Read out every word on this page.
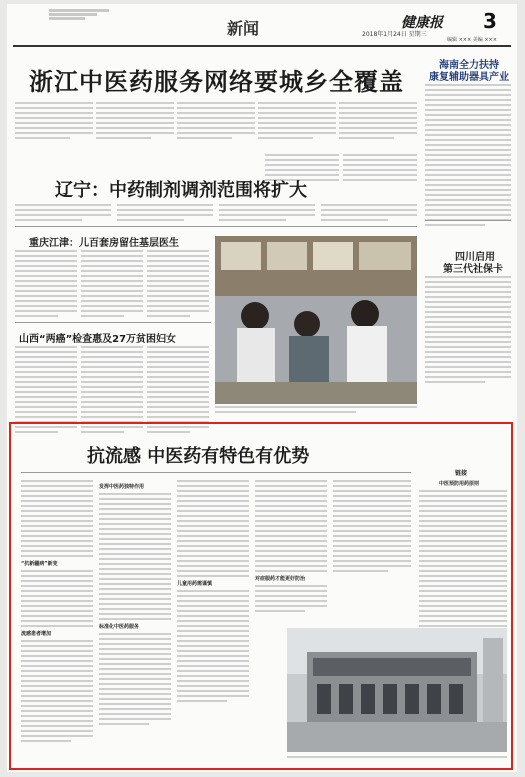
新闻	健康报 3
2018年1月24日 星期三
编辑 ××× 美编 ×××
浙江中医药服务网络要城乡全覆盖
海南全力扶持
康复辅助器具产业
四川启用
第三代社保卡
辽宁：中药制剂调剂范围将扩大
重庆江津：儿百套房留住基层医生
山西“两癌”检查惠及27万贫困妇女
抗流感 中医药有特色有优势
“抗新疆病”新变
流感患者增加
发挥中医药独特作用
标准化中医药服务
儿童用药需谨慎
对症服药才能更好防治
链接
中医预防用药原则
